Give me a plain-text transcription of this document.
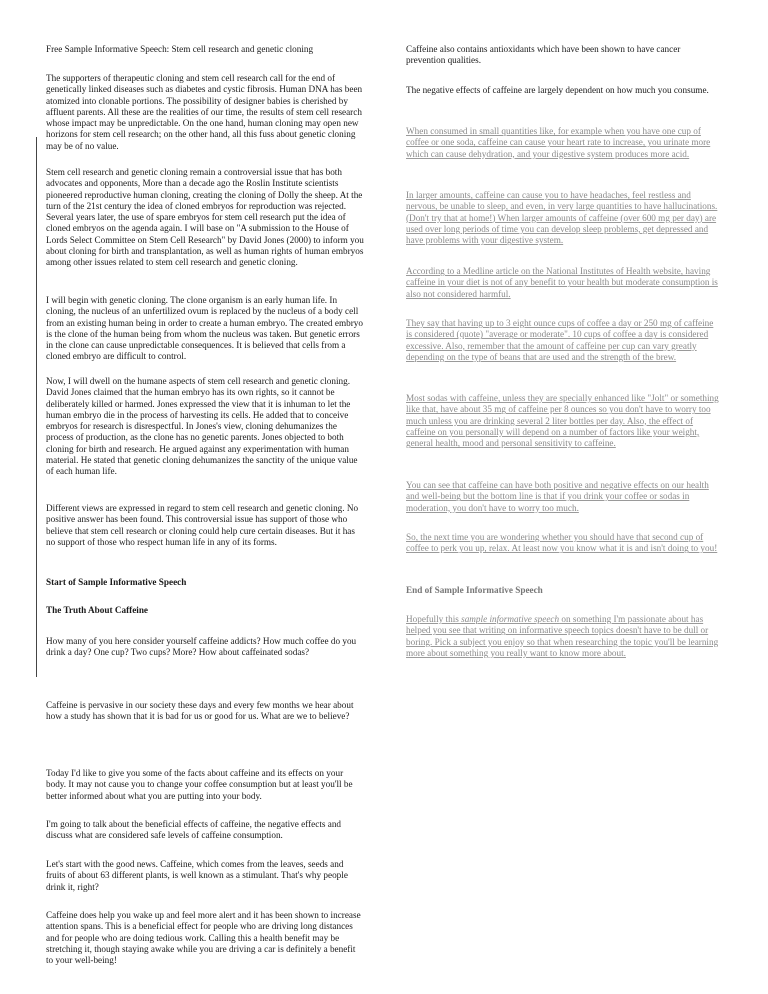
Free Sample Informative Speech: Stem cell research and genetic cloning

The supporters of therapeutic cloning and stem cell research call for the end of genetically linked diseases such as diabetes and cystic fibrosis. Human DNA has been atomized into clonable portions. The possibility of designer babies is cherished by affluent parents. All these are the realities of our time, the results of stem cell research whose impact may be unpredictable. On the one hand, human cloning may open new horizons for stem cell research; on the other hand, all this fuss about genetic cloning may be of no value.

Stem cell research and genetic cloning remain a controversial issue that has both advocates and opponents, More than a decade ago the Roslin Institute scientists pioneered reproductive human cloning, creating the cloning of Dolly the sheep. At the turn of the 21st century the idea of cloned embryos for reproduction was rejected. Several years later, the use of spare embryos for stem cell research put the idea of cloned embryos on the agenda again. I will base on "A submission to the House of Lords Select Committee on Stem Cell Research" by David Jones (2000) to inform you about cloning for birth and transplantation, as well as human rights of human embryos among other issues related to stem cell research and genetic cloning.

I will begin with genetic cloning. The clone organism is an early human life. In cloning, the nucleus of an unfertilized ovum is replaced by the nucleus of a body cell from an existing human being in order to create a human embryo. The created embryo is the clone of the human being from whom the nucleus was taken. But genetic errors in the clone can cause unpredictable consequences. It is believed that cells from a cloned embryo are difficult to control.

Now, I will dwell on the humane aspects of stem cell research and genetic cloning. David Jones claimed that the human embryo has its own rights, so it cannot be deliberately killed or harmed. Jones expressed the view that it is inhuman to let the human embryo die in the process of harvesting its cells. He added that to conceive embryos for research is disrespectful. In Jones's view, cloning dehumanizes the process of production, as the clone has no genetic parents. Jones objected to both cloning for birth and research. He argued against any experimentation with human material. He stated that genetic cloning dehumanizes the sanctity of the unique value of each human life.

Different views are expressed in regard to stem cell research and genetic cloning. No positive answer has been found. This controversial issue has support of those who believe that stem cell research or cloning could help cure certain diseases. But it has no support of those who respect human life in any of its forms.

Start of Sample Informative Speech

The Truth About Caffeine

How many of you here consider yourself caffeine addicts? How much coffee do you drink a day? One cup? Two cups? More? How about caffeinated sodas?

Caffeine is pervasive in our society these days and every few months we hear about how a study has shown that it is bad for us or good for us. What are we to believe?

Today I'd like to give you some of the facts about caffeine and its effects on your body. It may not cause you to change your coffee consumption but at least you'll be better informed about what you are putting into your body.

I'm going to talk about the beneficial effects of caffeine, the negative effects and discuss what are considered safe levels of caffeine consumption.

Let's start with the good news. Caffeine, which comes from the leaves, seeds and fruits of about 63 different plants, is well known as a stimulant. That's why people drink it, right?

Caffeine does help you wake up and feel more alert and it has been shown to increase attention spans. This is a beneficial effect for people who are driving long distances and for people who are doing tedious work. Calling this a health benefit may be stretching it, though staying awake while you are driving a car is definitely a benefit to your well-being!

Caffeine also contains antioxidants which have been shown to have cancer prevention qualities.

The negative effects of caffeine are largely dependent on how much you consume.

When consumed in small quantities like, for example when you have one cup of coffee or one soda, caffeine can cause your heart rate to increase, you urinate more which can cause dehydration, and your digestive system produces more acid.

In larger amounts, caffeine can cause you to have headaches, feel restless and nervous, be unable to sleep, and even, in very large quantities to have hallucinations.(Don't try that at home!) When larger amounts of caffeine (over 600 mg per day) are used over long periods of time you can develop sleep problems, get depressed and have problems with your digestive system.

According to a Medline article on the National Institutes of Health website, having caffeine in your diet is not of any benefit to your health but moderate consumption is also not considered harmful.

They say that having up to 3 eight ounce cups of coffee a day or 250 mg of caffeine is considered (quote) "average or moderate". 10 cups of coffee a day is considered excessive. Also, remember that the amount of caffeine per cup can vary greatly depending on the type of beans that are used and the strength of the brew.

Most sodas with caffeine, unless they are specially enhanced like "Jolt" or something like that, have about 35 mg of caffeine per 8 ounces so you don't have to worry too much unless you are drinking several 2 liter bottles per day. Also, the effect of caffeine on you personally will depend on a number of factors like your weight, general health, mood and personal sensitivity to caffeine.

You can see that caffeine can have both positive and negative effects on our health and well-being but the bottom line is that if you drink your coffee or sodas in moderation, you don't have to worry too much.

So, the next time you are wondering whether you should have that second cup of coffee to perk you up, relax. At least now you know what it is and isn't doing to you!

End of Sample Informative Speech

Hopefully this sample informative speech on something I'm passionate about has helped you see that writing on informative speech topics doesn't have to be dull or boring. Pick a subject you enjoy so that when researching the topic you'll be learning more about something you really want to know more about.
